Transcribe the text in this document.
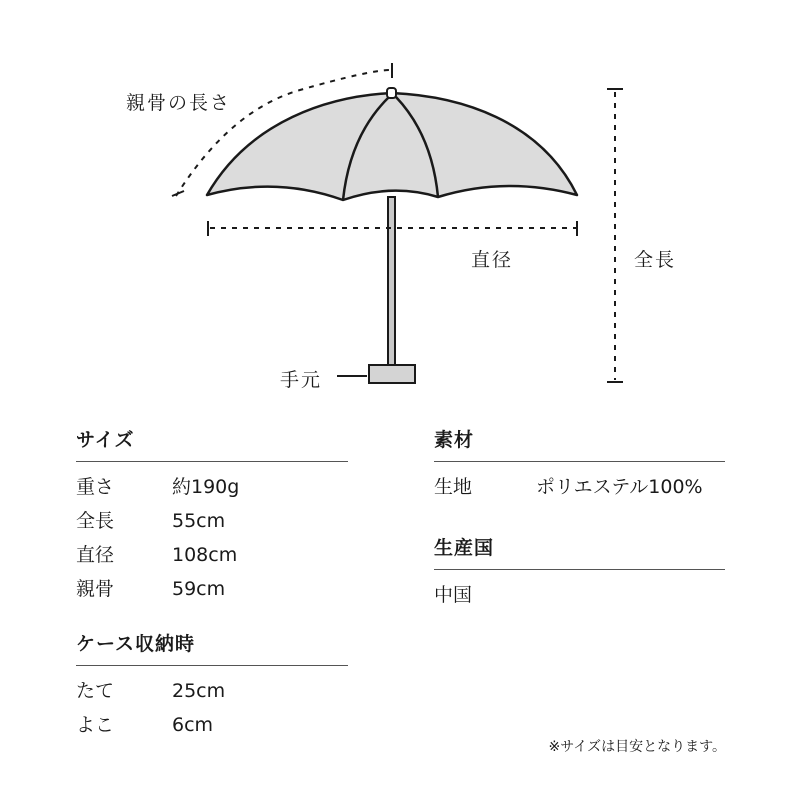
親骨の長さ
直径	全長
手元
サイズ
重さ	約190g
全長	55cm
直径	108cm
親骨	59cm
ケース収納時
たて	25cm
よこ	6cm
素材
生地	ポリエステル100%
生産国
中国
※サイズは目安となります。
